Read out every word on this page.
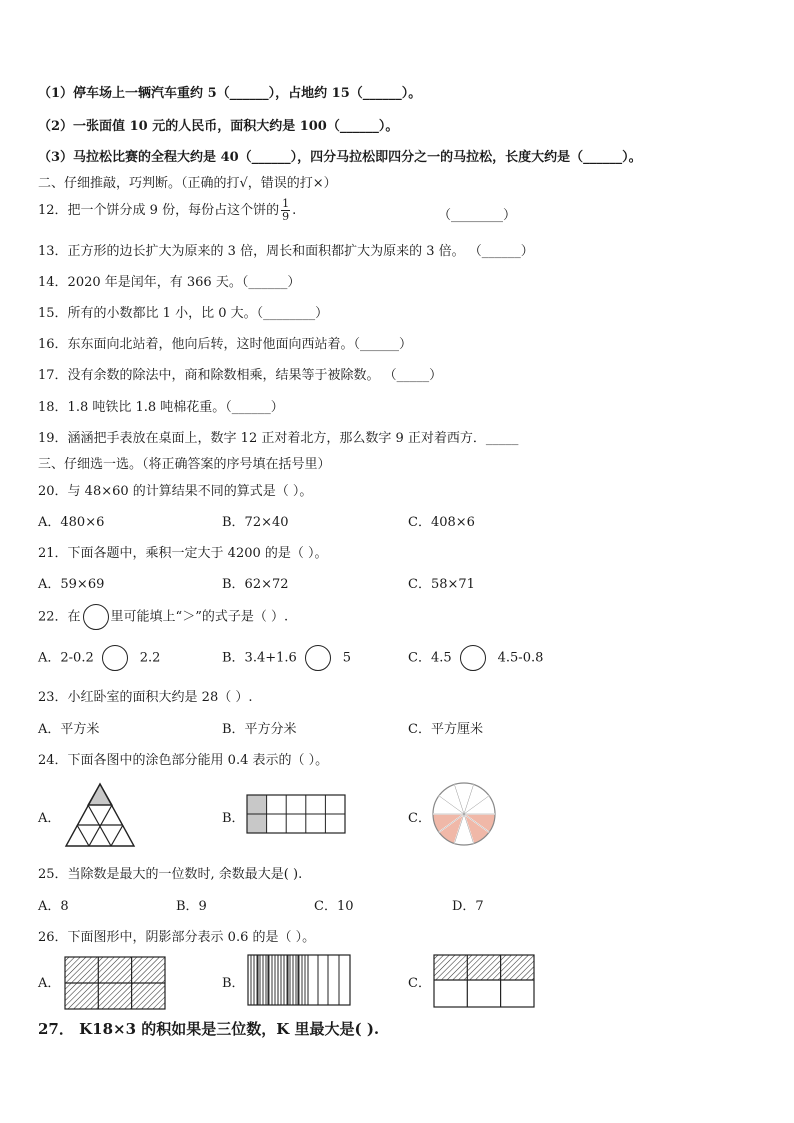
（1）停车场上一辆汽车重约 5（______），占地约 15（______）。
（2）一张面值 10 元的人民币，面积大约是 100（______）。
（3）马拉松比赛的全程大约是 40（______），四分马拉松即四分之一的马拉松，长度大约是（______）。
二、仔细推敲，巧判断。（正确的打√，错误的打×）
12．把一个饼分成 9 份，每份占这个饼的 $\frac{1}{9}$ .	（________）
13．正方形的边长扩大为原来的 3 倍，周长和面积都扩大为原来的 3 倍。 （______）
14．2020 年是闰年，有 366 天。（______）
15．所有的小数都比 1 小，比 0 大。（________）
16．东东面向北站着，他向后转，这时他面向西站着。（______）
17．没有余数的除法中，商和除数相乘，结果等于被除数。 （_____）
18．1.8 吨铁比 1.8 吨棉花重。（______）
19．涵涵把手表放在桌面上，数字 12 正对着北方，那么数字 9 正对着西方．_____
三、仔细选一选。（将正确答案的序号填在括号里）
20．与 48×60 的计算结果不同的算式是（ ）。
A．480×6	B．72×40	C．408×6
21．下面各题中，乘积一定大于 4200 的是（ ）。
A．59×69	B．62×72	C．58×71
22．在 里可能填上“＞”的式子是（ ）.
A．2-0.2	2.2	B．3.4+1.6	5	C．4.5	4.5-0.8
23．小红卧室的面积大约是 28（ ）.
A．平方米	B．平方分米	C．平方厘米
24．下面各图中的涂色部分能用 0.4 表示的（ ）。
A．	B．	C．
25．当除数是最大的一位数时, 余数最大是( ).
A．8	B．9	C．10	D．7
26．下面图形中，阴影部分表示 0.6 的是（ ）。
A．	B．	C．
27． K18×3 的积如果是三位数，K 里最大是( ).
